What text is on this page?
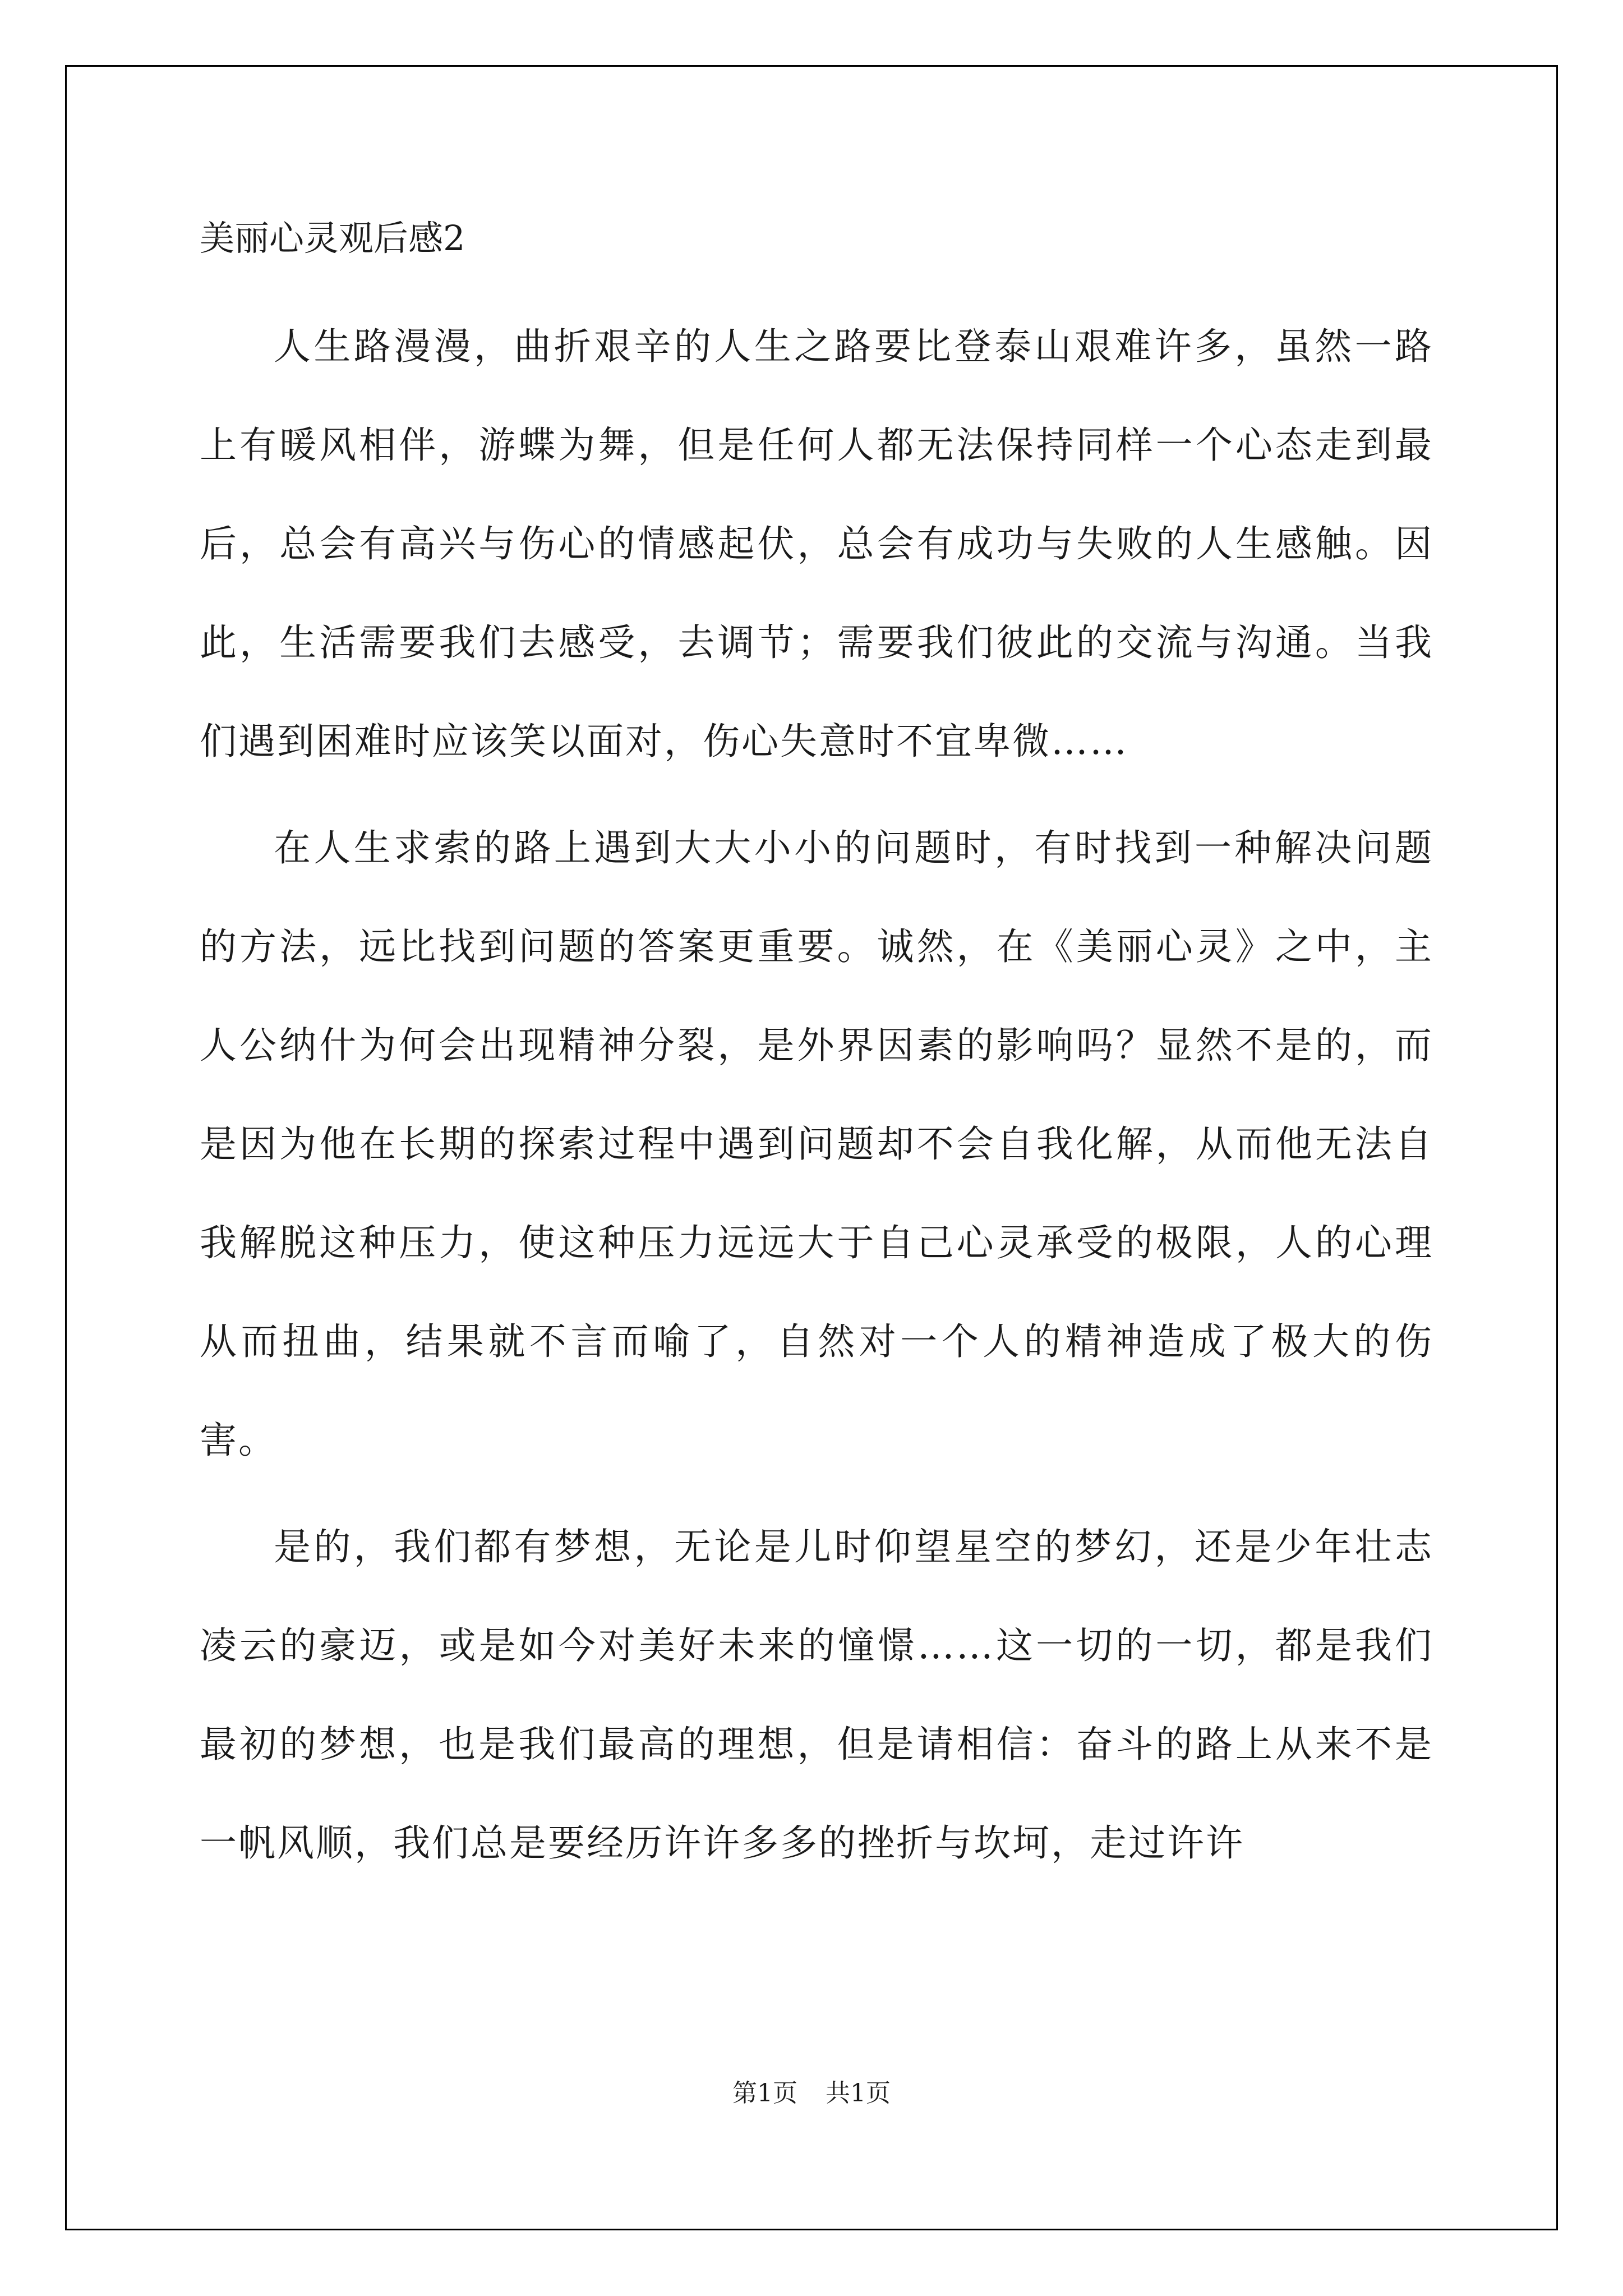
美丽心灵观后感2

人生路漫漫，曲折艰辛的人生之路要比登泰山艰难许多，虽然一路上有暖风相伴，游蝶为舞，但是任何人都无法保持同样一个心态走到最后，总会有高兴与伤心的情感起伏，总会有成功与失败的人生感触。因此，生活需要我们去感受，去调节；需要我们彼此的交流与沟通。当我们遇到困难时应该笑以面对，伤心失意时不宜卑微……

在人生求索的路上遇到大大小小的问题时，有时找到一种解决问题的方法，远比找到问题的答案更重要。诚然，在《美丽心灵》之中，主人公纳什为何会出现精神分裂，是外界因素的影响吗？显然不是的，而是因为他在长期的探索过程中遇到问题却不会自我化解，从而他无法自我解脱这种压力，使这种压力远远大于自己心灵承受的极限，人的心理从而扭曲，结果就不言而喻了，自然对一个人的精神造成了极大的伤害。

是的，我们都有梦想，无论是儿时仰望星空的梦幻，还是少年壮志凌云的豪迈，或是如今对美好未来的憧憬……这一切的一切，都是我们最初的梦想，也是我们最高的理想，但是请相信：奋斗的路上从来不是一帆风顺，我们总是要经历许许多多的挫折与坎坷，走过许许

第1页 共1页
